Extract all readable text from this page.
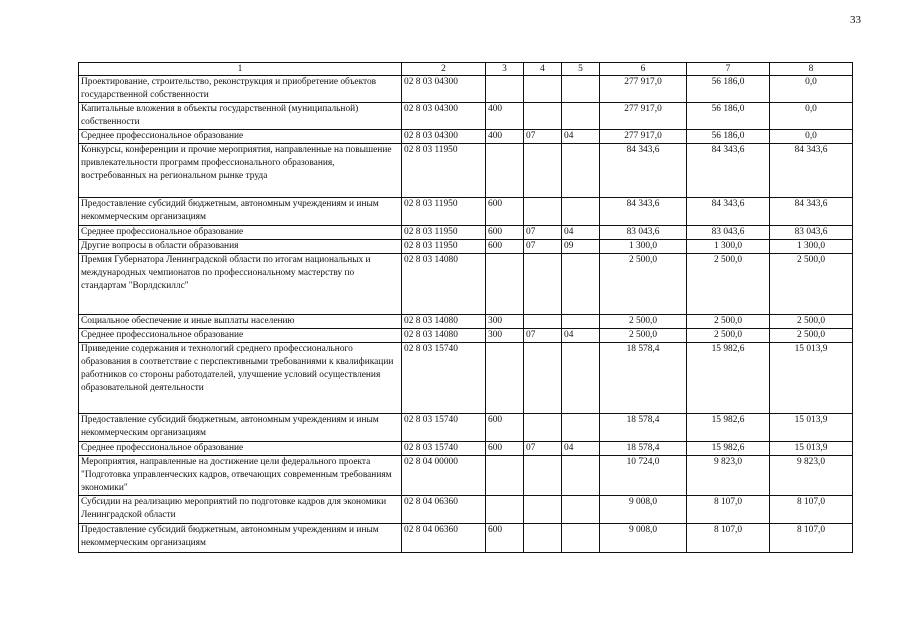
33
1	2	3	4	5	6	7	8
Проектирование, строительство, реконструкция и приобретение объектов государственной собственности	02 8 03 04300				277 917,0	56 186,0	0,0
Капитальные вложения в объекты государственной (муниципальной) собственности	02 8 03 04300	400			277 917,0	56 186,0	0,0
Среднее профессиональное образование	02 8 03 04300	400	07	04	277 917,0	56 186,0	0,0
Конкурсы, конференции и прочие мероприятия, направленные на повышение привлекательности программ профессионального образования, востребованных на региональном рынке труда	02 8 03 11950				84 343,6	84 343,6	84 343,6
Предоставление субсидий бюджетным, автономным учреждениям и иным некоммерческим организациям	02 8 03 11950	600			84 343,6	84 343,6	84 343,6
Среднее профессиональное образование	02 8 03 11950	600	07	04	83 043,6	83 043,6	83 043,6
Другие вопросы в области образования	02 8 03 11950	600	07	09	1 300,0	1 300,0	1 300,0
Премия Губернатора Ленинградской области по итогам национальных и международных чемпионатов по профессиональному мастерству по стандартам "Ворлдскиллс"	02 8 03 14080				2 500,0	2 500,0	2 500,0
Социальное обеспечение и иные выплаты населению	02 8 03 14080	300			2 500,0	2 500,0	2 500,0
Среднее профессиональное образование	02 8 03 14080	300	07	04	2 500,0	2 500,0	2 500,0
Приведение содержания и технологий среднего профессионального образования в соответствие с перспективными требованиями к квалификации работников со стороны работодателей, улучшение условий осуществления образовательной деятельности	02 8 03 15740				18 578,4	15 982,6	15 013,9
Предоставление субсидий бюджетным, автономным учреждениям и иным некоммерческим организациям	02 8 03 15740	600			18 578,4	15 982,6	15 013,9
Среднее профессиональное образование	02 8 03 15740	600	07	04	18 578,4	15 982,6	15 013,9
Мероприятия, направленные на достижение цели федерального проекта "Подготовка управленческих кадров, отвечающих современным требованиям экономики"	02 8 04 00000				10 724,0	9 823,0	9 823,0
Субсидии на реализацию мероприятий по подготовке кадров для экономики Ленинградской области	02 8 04 06360				9 008,0	8 107,0	8 107,0
Предоставление субсидий бюджетным, автономным учреждениям и иным некоммерческим организациям	02 8 04 06360	600			9 008,0	8 107,0	8 107,0
